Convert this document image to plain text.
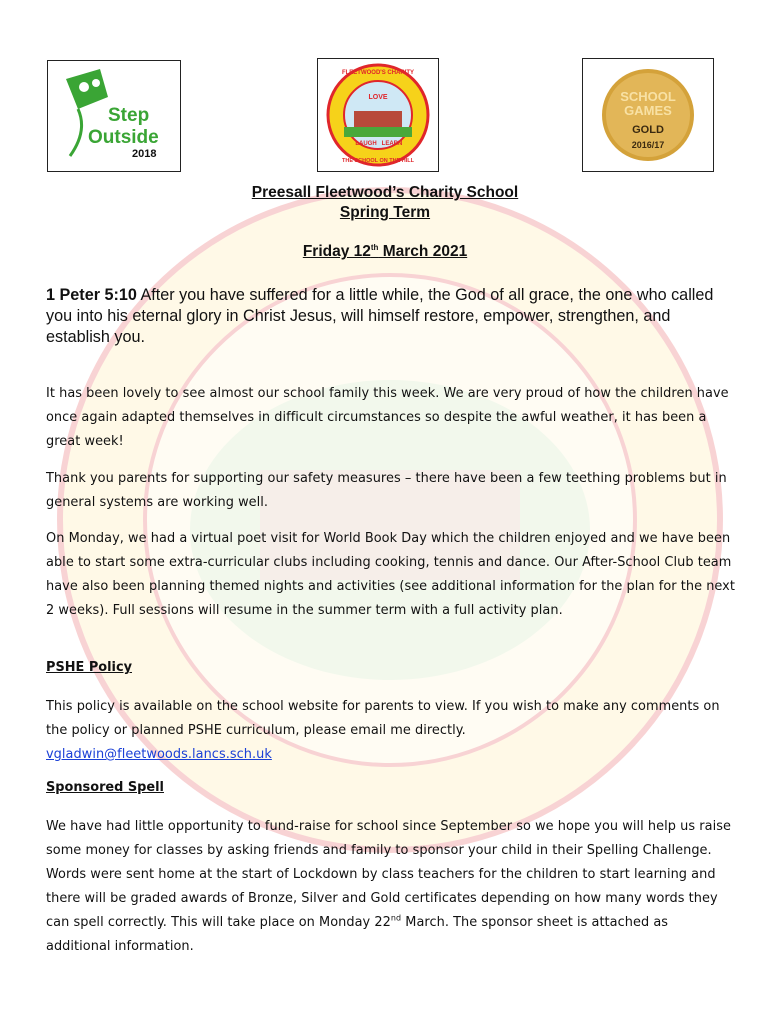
Step
Outside
2018
LOVE
LAUGH LEARN
FLEETWOOD'S CHARITY
THE SCHOOL ON THE HILL
SCHOOL
GAMES
GOLD
2016/17
Preesall Fleetwood’s Charity School
Spring Term
Friday 12th March 2021
1 Peter 5:10 After you have suffered for a little while, the God of all grace, the one who called you into his eternal glory in Christ Jesus, will himself restore, empower, strengthen, and establish you.
It has been lovely to see almost our school family this week. We are very proud of how the children have once again adapted themselves in difficult circumstances so despite the awful weather, it has been a great week!
Thank you parents for supporting our safety measures – there have been a few teething problems but in general systems are working well.
On Monday, we had a virtual poet visit for World Book Day which the children enjoyed and we have been able to start some extra-curricular clubs including cooking, tennis and dance. Our After-School Club team have also been planning themed nights and activities (see additional information for the plan for the next 2 weeks). Full sessions will resume in the summer term with a full activity plan.
PSHE Policy
This policy is available on the school website for parents to view. If you wish to make any comments on the policy or planned PSHE curriculum, please email me directly.
vgladwin@fleetwoods.lancs.sch.uk
Sponsored Spell
We have had little opportunity to fund-raise for school since September so we hope you will help us raise some money for classes by asking friends and family to sponsor your child in their Spelling Challenge. Words were sent home at the start of Lockdown by class teachers for the children to start learning and there will be graded awards of Bronze, Silver and Gold certificates depending on how many words they can spell correctly. This will take place on Monday 22nd March. The sponsor sheet is attached as additional information.
